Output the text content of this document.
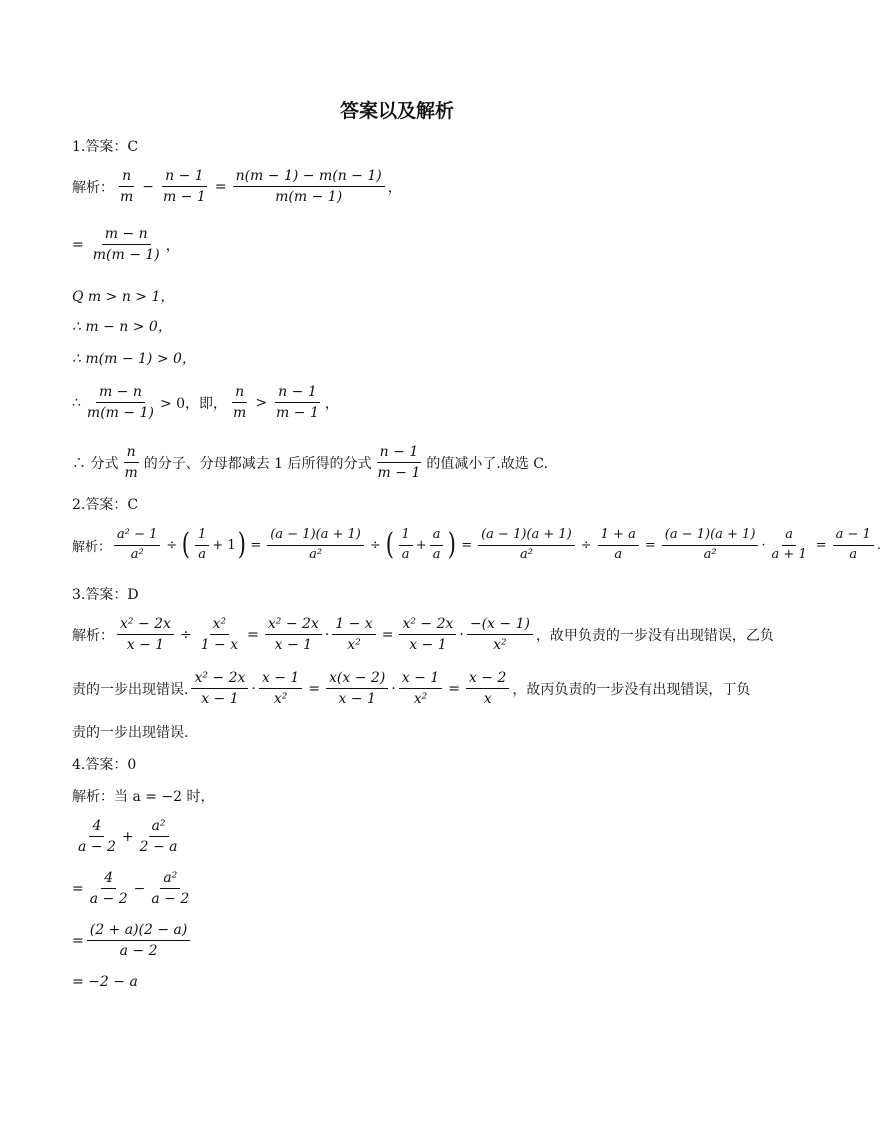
答案以及解析
1.答案：C
解析： $\frac{n}{m} - \frac{n - 1}{m - 1} = \frac{n(m - 1) - m(n - 1)}{m(m - 1)}$ ，
= $\frac{m - n}{m(m - 1)}$ ，
Q m > n > 1，
∴ m − n > 0，
∴ m(m − 1) > 0，
∴ $\frac{m - n}{m(m - 1)} > 0$，即， $\frac{n}{m} > \frac{n - 1}{m - 1}$ ，
∴ 分式 $\frac{n}{m}$ 的分子、分母都减去 1 后所得的分式 $\frac{n - 1}{m - 1}$ 的值减小了.故选 C.
2.答案：C
解析： $\frac{\text{a² − 1}}{\text{a²}}$ ÷ ( $\frac{1}{a} + 1$ ) = $\frac{(a - 1)(a + 1)}{\text{a²}}$ ÷ ( $\frac{1}{a} + \frac{a}{a}$ ) = $\frac{(a - 1)(a + 1)}{\text{a²}} \div \frac{1 + a}{a} = \frac{(a - 1)(a + 1)}{\text{a²}} \cdot \frac{a}{a + 1} = \frac{a - 1}{a}$ .
3.答案：D
解析： $\frac{\text{x² − 2x}}{x - 1} \div \frac{\text{x²}}{1 - x} = \frac{\text{x² − 2x}}{x - 1} \cdot \frac{1 - x}{\text{x²}} = \frac{\text{x² − 2x}}{x - 1} \cdot \frac{-(x - 1)}{\text{x²}}$ ，故甲负责的一步没有出现错误，乙负
责的一步出现错误. $\frac{\text{x² − 2x}}{x - 1} \cdot \frac{x - 1}{\text{x²}} = \frac{x(x - 2)}{x - 1} \cdot \frac{x - 1}{\text{x²}} = \frac{x - 2}{x}$ ，故丙负责的一步没有出现错误，丁负
责的一步出现错误.
4.答案：0
解析：当 a = −2 时，
$\frac{4}{a - 2} + \frac{\text{a²}}{2 - a}$
= $\frac{4}{a - 2} - \frac{\text{a²}}{a - 2}$
= $\frac{(2 + a)(2 - a)}{a - 2}$
= −2 − a
